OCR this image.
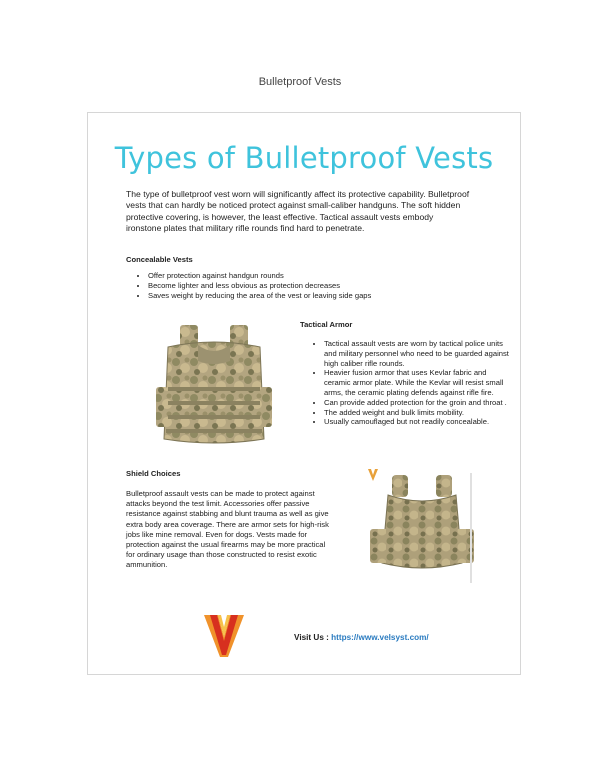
Bulletproof Vests
Types of Bulletproof Vests

The type of bulletproof vest worn will significantly affect its protective capability. Bulletproof vests that can hardly be noticed protect against small-caliber handguns. The soft hidden protective covering, is however, the least effective. Tactical assault vests embody ironstone plates that military rifle rounds find hard to penetrate.

Concealable Vests
• Offer protection against handgun rounds
• Become lighter and less obvious as protection decreases
• Saves weight by reducing the area of the vest or leaving side gaps
Tactical Armor
• Tactical assault vests are worn by tactical police units and military personnel who need to be guarded against high caliber rifle rounds.
• Heavier fusion armor that uses Kevlar fabric and ceramic armor plate. While the Kevlar will resist small arms, the ceramic plating defends against rifle fire.
• Can provide added protection for the groin and throat .
• The added weight and bulk limits mobility.
• Usually camouflaged but not readily concealable.
Shield Choices

Bulletproof assault vests can be made to protect against attacks beyond the test limit. Accessories offer passive resistance against stabbing and blunt trauma as well as give extra body area coverage. There are armor sets for high-risk jobs like mine removal. Even for dogs. Vests made for protection against the usual firearms may be more practical for ordinary usage than those constructed to resist exotic ammunition.

Visit Us : https://www.velsyst.com/
